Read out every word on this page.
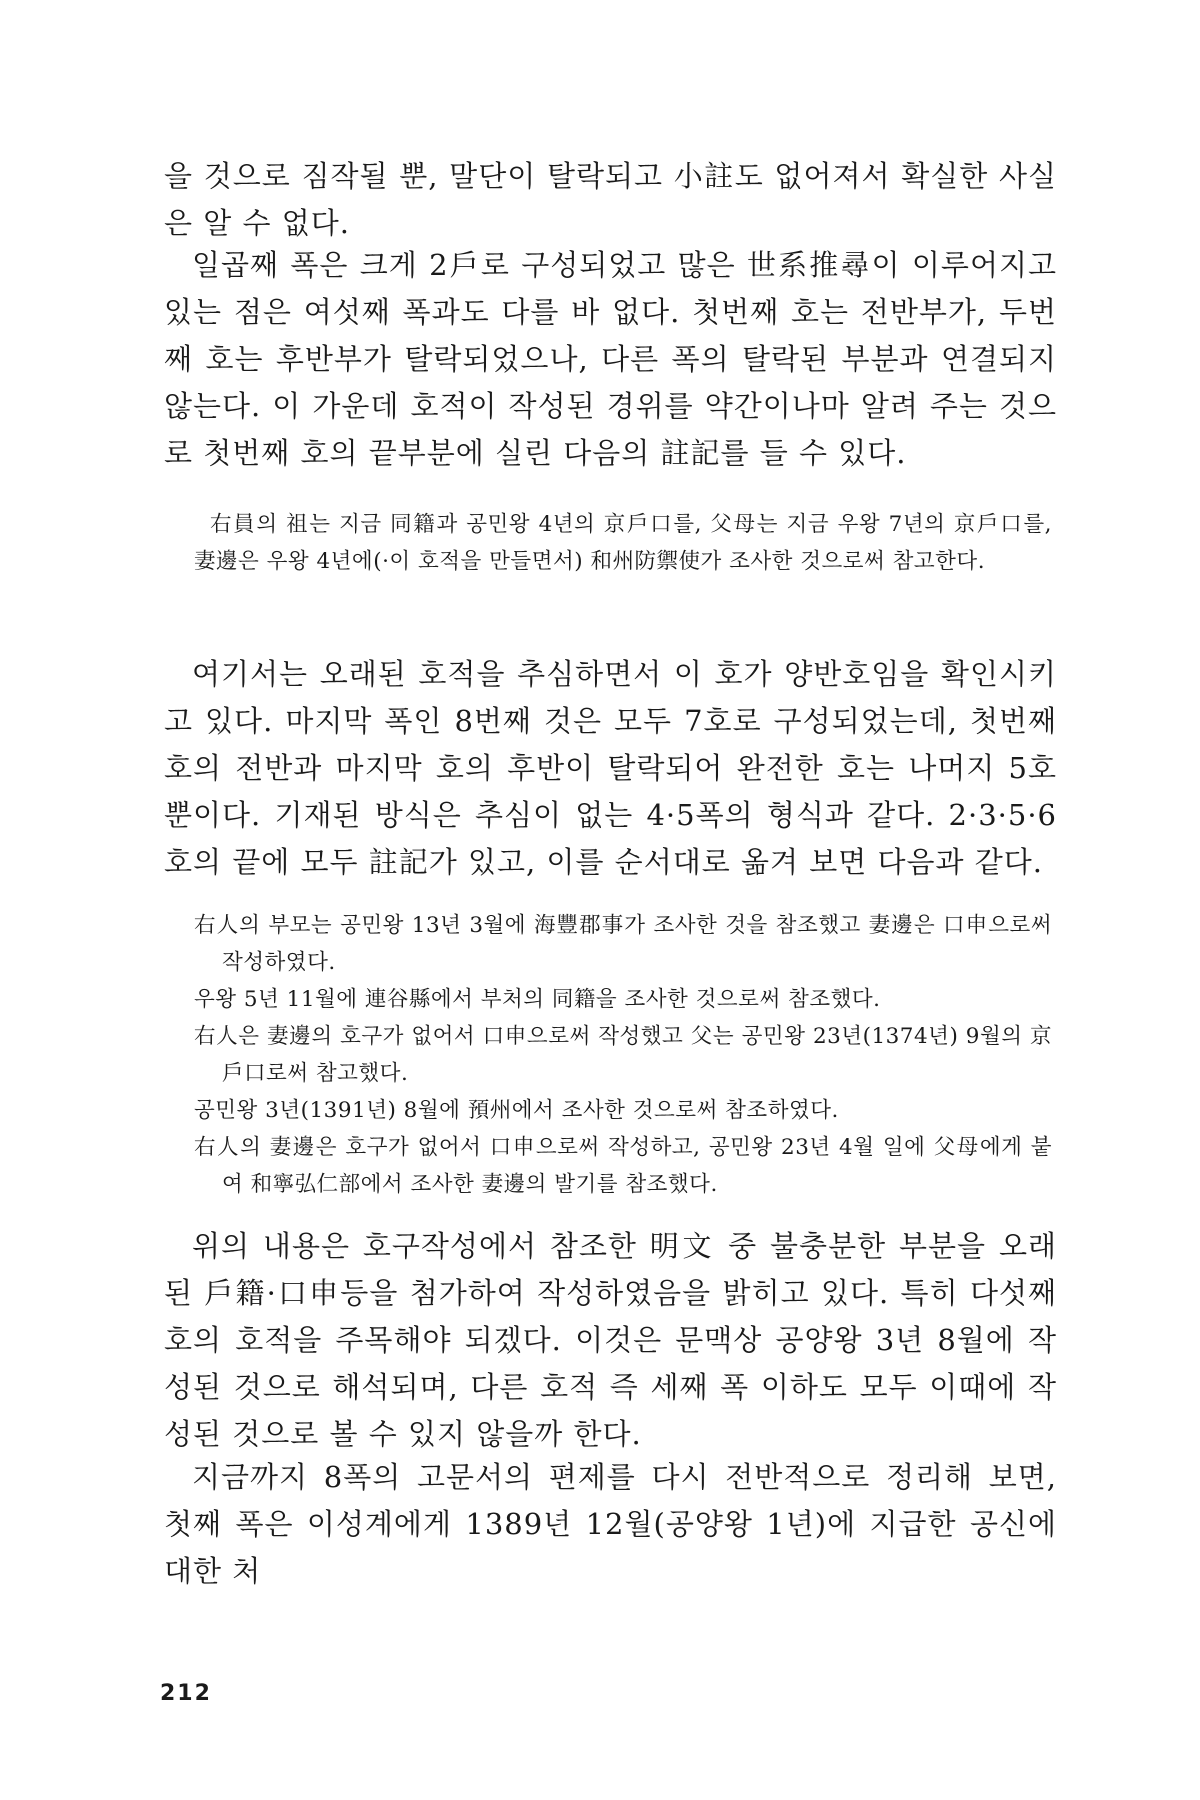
을 것으로 짐작될 뿐, 말단이 탈락되고 小註도 없어져서 확실한 사실은 알 수 없다.

일곱째 폭은 크게 2戶로 구성되었고 많은 世系推尋이 이루어지고 있는 점은 여섯째 폭과도 다를 바 없다. 첫번째 호는 전반부가, 두번째 호는 후반부가 탈락되었으나, 다른 폭의 탈락된 부분과 연결되지 않는다. 이 가운데 호적이 작성된 경위를 약간이나마 알려 주는 것으로 첫번째 호의 끝부분에 실린 다음의 註記를 들 수 있다.

右員의 祖는 지금 同籍과 공민왕 4년의 京戶口를, 父母는 지금 우왕 7년의 京戶口를, 妻邊은 우왕 4년에(·이 호적을 만들면서) 和州防禦使가 조사한 것으로써 참고한다.

여기서는 오래된 호적을 추심하면서 이 호가 양반호임을 확인시키고 있다. 마지막 폭인 8번째 것은 모두 7호로 구성되었는데, 첫번째 호의 전반과 마지막 호의 후반이 탈락되어 완전한 호는 나머지 5호뿐이다. 기재된 방식은 추심이 없는 4·5폭의 형식과 같다. 2·3·5·6호의 끝에 모두 註記가 있고, 이를 순서대로 옮겨 보면 다음과 같다.

右人의 부모는 공민왕 13년 3월에 海豐郡事가 조사한 것을 참조했고 妻邊은 口申으로써 작성하였다.

우왕 5년 11월에 連谷縣에서 부처의 同籍을 조사한 것으로써 참조했다.

右人은 妻邊의 호구가 없어서 口申으로써 작성했고 父는 공민왕 23년(1374년) 9월의 京戶口로써 참고했다.

공민왕 3년(1391년) 8월에 預州에서 조사한 것으로써 참조하였다.

右人의 妻邊은 호구가 없어서 口申으로써 작성하고, 공민왕 23년 4월 일에 父母에게 붙여 和寧弘仁部에서 조사한 妻邊의 발기를 참조했다.

위의 내용은 호구작성에서 참조한 明文 중 불충분한 부분을 오래된 戶籍·口申등을 첨가하여 작성하였음을 밝히고 있다. 특히 다섯째 호의 호적을 주목해야 되겠다. 이것은 문맥상 공양왕 3년 8월에 작성된 것으로 해석되며, 다른 호적 즉 세째 폭 이하도 모두 이때에 작성된 것으로 볼 수 있지 않을까 한다.

지금까지 8폭의 고문서의 편제를 다시 전반적으로 정리해 보면, 첫째 폭은 이성계에게 1389년 12월(공양왕 1년)에 지급한 공신에 대한 처

212
